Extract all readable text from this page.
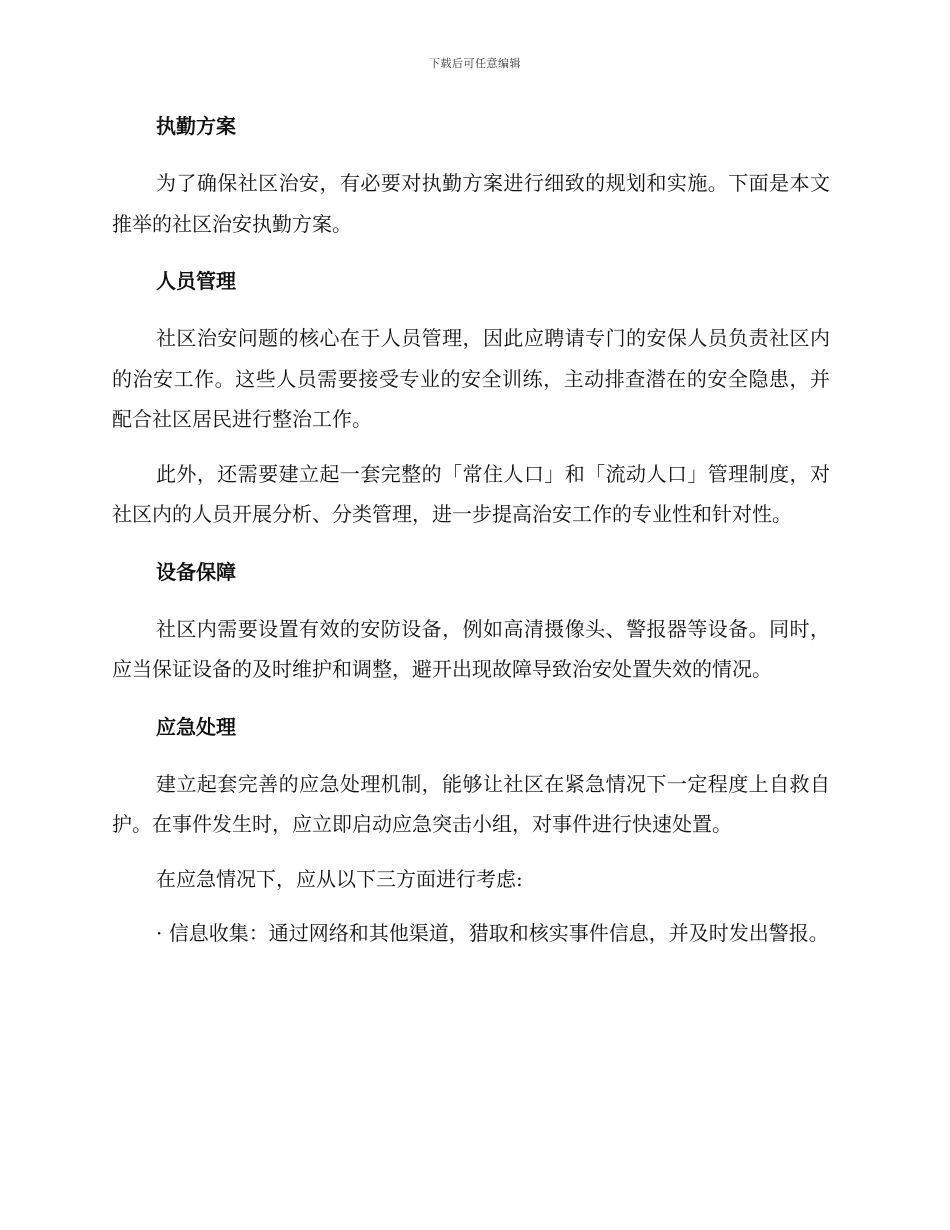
下载后可任意编辑

执勤方案

为了确保社区治安，有必要对执勤方案进行细致的规划和实施。下面是本文推举的社区治安执勤方案。

人员管理

社区治安问题的核心在于人员管理，因此应聘请专门的安保人员负责社区内的治安工作。这些人员需要接受专业的安全训练，主动排查潜在的安全隐患，并配合社区居民进行整治工作。

此外，还需要建立起一套完整的「常住人口」和「流动人口」管理制度，对社区内的人员开展分析、分类管理，进一步提高治安工作的专业性和针对性。

设备保障

社区内需要设置有效的安防设备，例如高清摄像头、警报器等设备。同时，应当保证设备的及时维护和调整，避开出现故障导致治安处置失效的情况。

应急处理

建立起套完善的应急处理机制，能够让社区在紧急情况下一定程度上自救自护。在事件发生时，应立即启动应急突击小组，对事件进行快速处置。

在应急情况下，应从以下三方面进行考虑:

· 信息收集：通过网络和其他渠道，猎取和核实事件信息，并及时发出警报。
